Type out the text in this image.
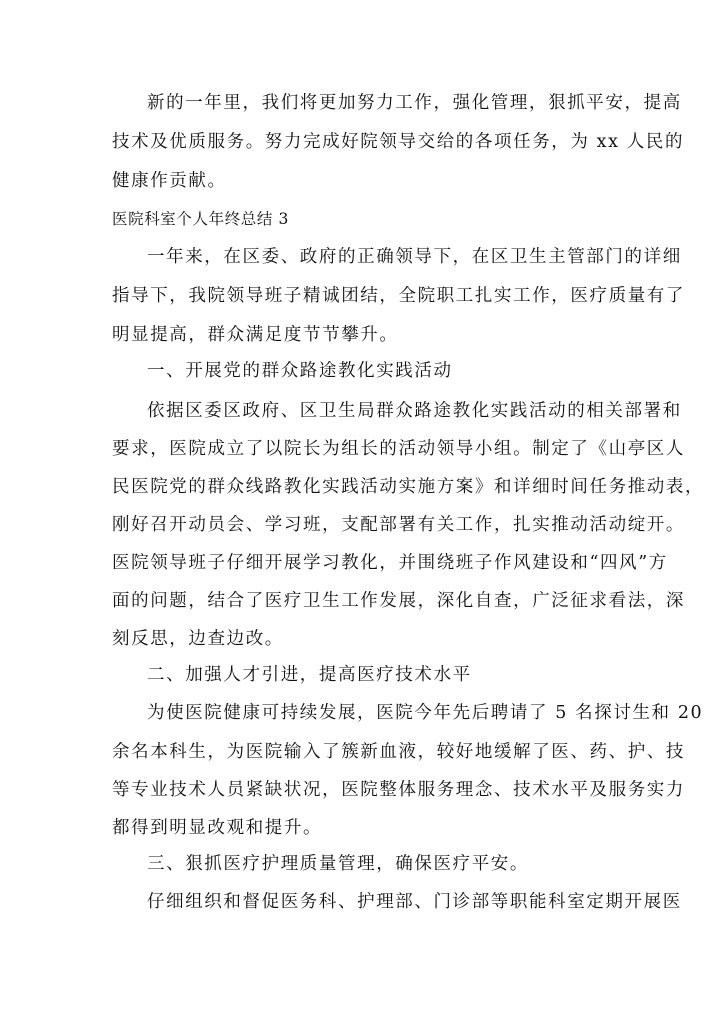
新的一年里，我们将更加努力工作，强化管理，狠抓平安，提高
技术及优质服务。努力完成好院领导交给的各项任务，为 xx 人民的
健康作贡献。
医院科室个人年终总结 3
一年来，在区委、政府的正确领导下，在区卫生主管部门的详细
指导下，我院领导班子精诚团结，全院职工扎实工作，医疗质量有了
明显提高，群众满足度节节攀升。
一、开展党的群众路途教化实践活动
依据区委区政府、区卫生局群众路途教化实践活动的相关部署和
要求，医院成立了以院长为组长的活动领导小组。制定了《山亭区人
民医院党的群众线路教化实践活动实施方案》和详细时间任务推动表，
刚好召开动员会、学习班，支配部署有关工作，扎实推动活动绽开。
医院领导班子仔细开展学习教化，并围绕班子作风建设和“四风”方
面的问题，结合了医疗卫生工作发展，深化自查，广泛征求看法，深
刻反思，边查边改。
二、加强人才引进，提高医疗技术水平
为使医院健康可持续发展，医院今年先后聘请了 5 名探讨生和 20
余名本科生，为医院输入了簇新血液，较好地缓解了医、药、护、技
等专业技术人员紧缺状况，医院整体服务理念、技术水平及服务实力
都得到明显改观和提升。
三、狠抓医疗护理质量管理，确保医疗平安。
仔细组织和督促医务科、护理部、门诊部等职能科室定期开展医
